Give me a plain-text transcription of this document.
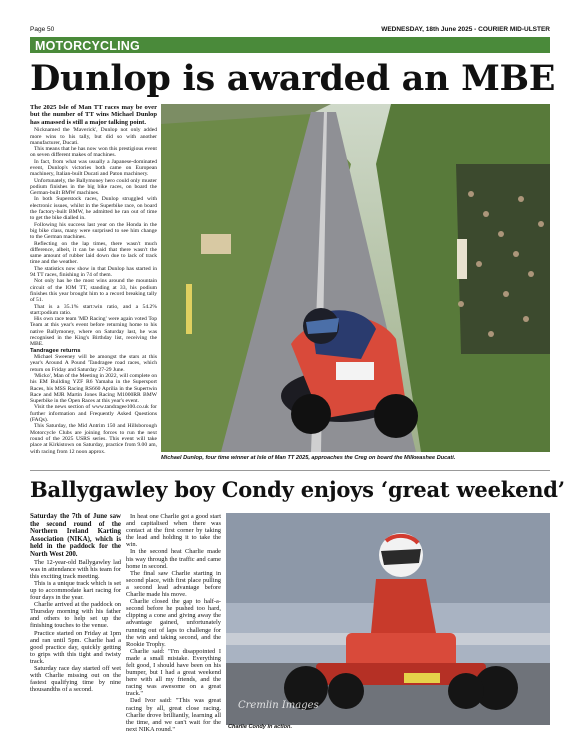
Page 50	WEDNESDAY, 18th June 2025 - COURIER MID-ULSTER
MOTORCYCLING
Dunlop is awarded an MBE

The 2025 Isle of Man TT races may be over but the number of TT wins Michael Dunlop has amassed is still a major talking point.

Nicknamed the 'Maverick', Dunlop not only added more wins to his tally, but did so with another manufacturer, Ducati.

This means that he has now won this prestigious event on seven different makes of machines.

In fact, from what was usually a Japanese-dominated event, Dunlop's victories both came on European machinery, Italian-built Ducati and Paton machinery.

Unfortunately, the Ballymoney hero could only muster podium finishes in the big bike races, on board the German-built BMW machines.

In both Superstock races, Dunlop struggled with electronic issues, whilst in the Superbike race, on board the factory-built BMW, he admitted he ran out of time to get the bike dialled in.

Following his success last year on the Honda in the big bike class, many were surprised to see him change to the German machines.

Reflecting on the lap times, there wasn't much difference, albeit, it can be said that there wasn't the same amount of rubber laid down due to lack of track time and the weather.

The statistics now show in that Dunlop has started in 94 TT races, finishing in 74 of them.

Not only has he the most wins around the mountain circuit of the IOM TT, standing at 33, his podium finishes this year brought him to a record breaking tally of 51.

That is a 35.1% start:win ratio, and a 54.2% start:podium ratio.

His own race team 'MD Racing' were again voted Top Team at this year's event before returning home to his native Ballymoney, where on Saturday last, he was recognised in the King's Birthday list, receiving the MBE.

Tandragee returns

Michael Sweeney will be amongst the stars at this year's Around A Pound 'Tandragee road races, which return on Friday and Saturday 27-29 June.

'Micko', Man of the Meeting in 2022, will complete on his EM Building YZF R6 Yamaha in the Supersport Races, his MSS Racing RS660 Aprilia in the Supertwin Race and MJR Martin Jones Racing M1000RR BMW Superbike in the Open Races at this year's event.

Visit the news section of www.tandragee100.co.uk for further information and Frequently Asked Questions (FAQs).

This Saturday, the Mid Antrim 150 and Hillsborough Motorcycle Clubs are joining forces to run the next round of the 2025 USRS series. This event will take place at Kirkistown on Saturday, practice from 9.00 am, with racing from 12 noon approx.

Michael Dunlop, four time winner at Isle of Man TT 2025, approaches the Creg on board the Milkwashee Ducati.
Ballygawley boy Condy enjoys ‘great weekend’

Saturday the 7th of June saw the second round of the Northern Ireland Karting Association (NIKA), which is held in the paddock for the North West 200.

The 12-year-old Ballygawley lad was in attendance with his team for this exciting track meeting.

This is a unique track which is set up to accommodate kart racing for four days in the year.

Charlie arrived at the paddock on Thursday morning with his father and others to help set up the finishing touches to the venue.

Practice started on Friday at 1pm and ran until 5pm. Charlie had a good practice day, quickly getting to grips with this tight and twisty track.

Saturday race day started off wet with Charlie missing out on the fastest qualifying time by nine thousandths of a second.

In heat one Charlie got a good start and capitalised when there was contact at the first corner by taking the lead and holding it to take the win.

In the second heat Charlie made his way through the traffic and came home in second.

The final saw Charlie starting in second place, with first place pulling a second lead advantage before Charlie made his move.

Charlie closed the gap to half-a-second before he pushed too hard, clipping a cone and giving away the advantage gained, unfortunately running out of laps to challenge for the win and taking second, and the Rookie Trophy.

Charlie said: "I'm disappointed I made a small mistake. Everything felt good, I should have been on his bumper, but I had a great weekend here with all my friends, and the racing was awesome on a great track."

Dad Ivor said: "This was great racing by all, great close racing. Charlie drove brilliantly, learning all the time, and we can't wait for the next NIKA round."

Cremlin Images
Charlie Condy in action.
